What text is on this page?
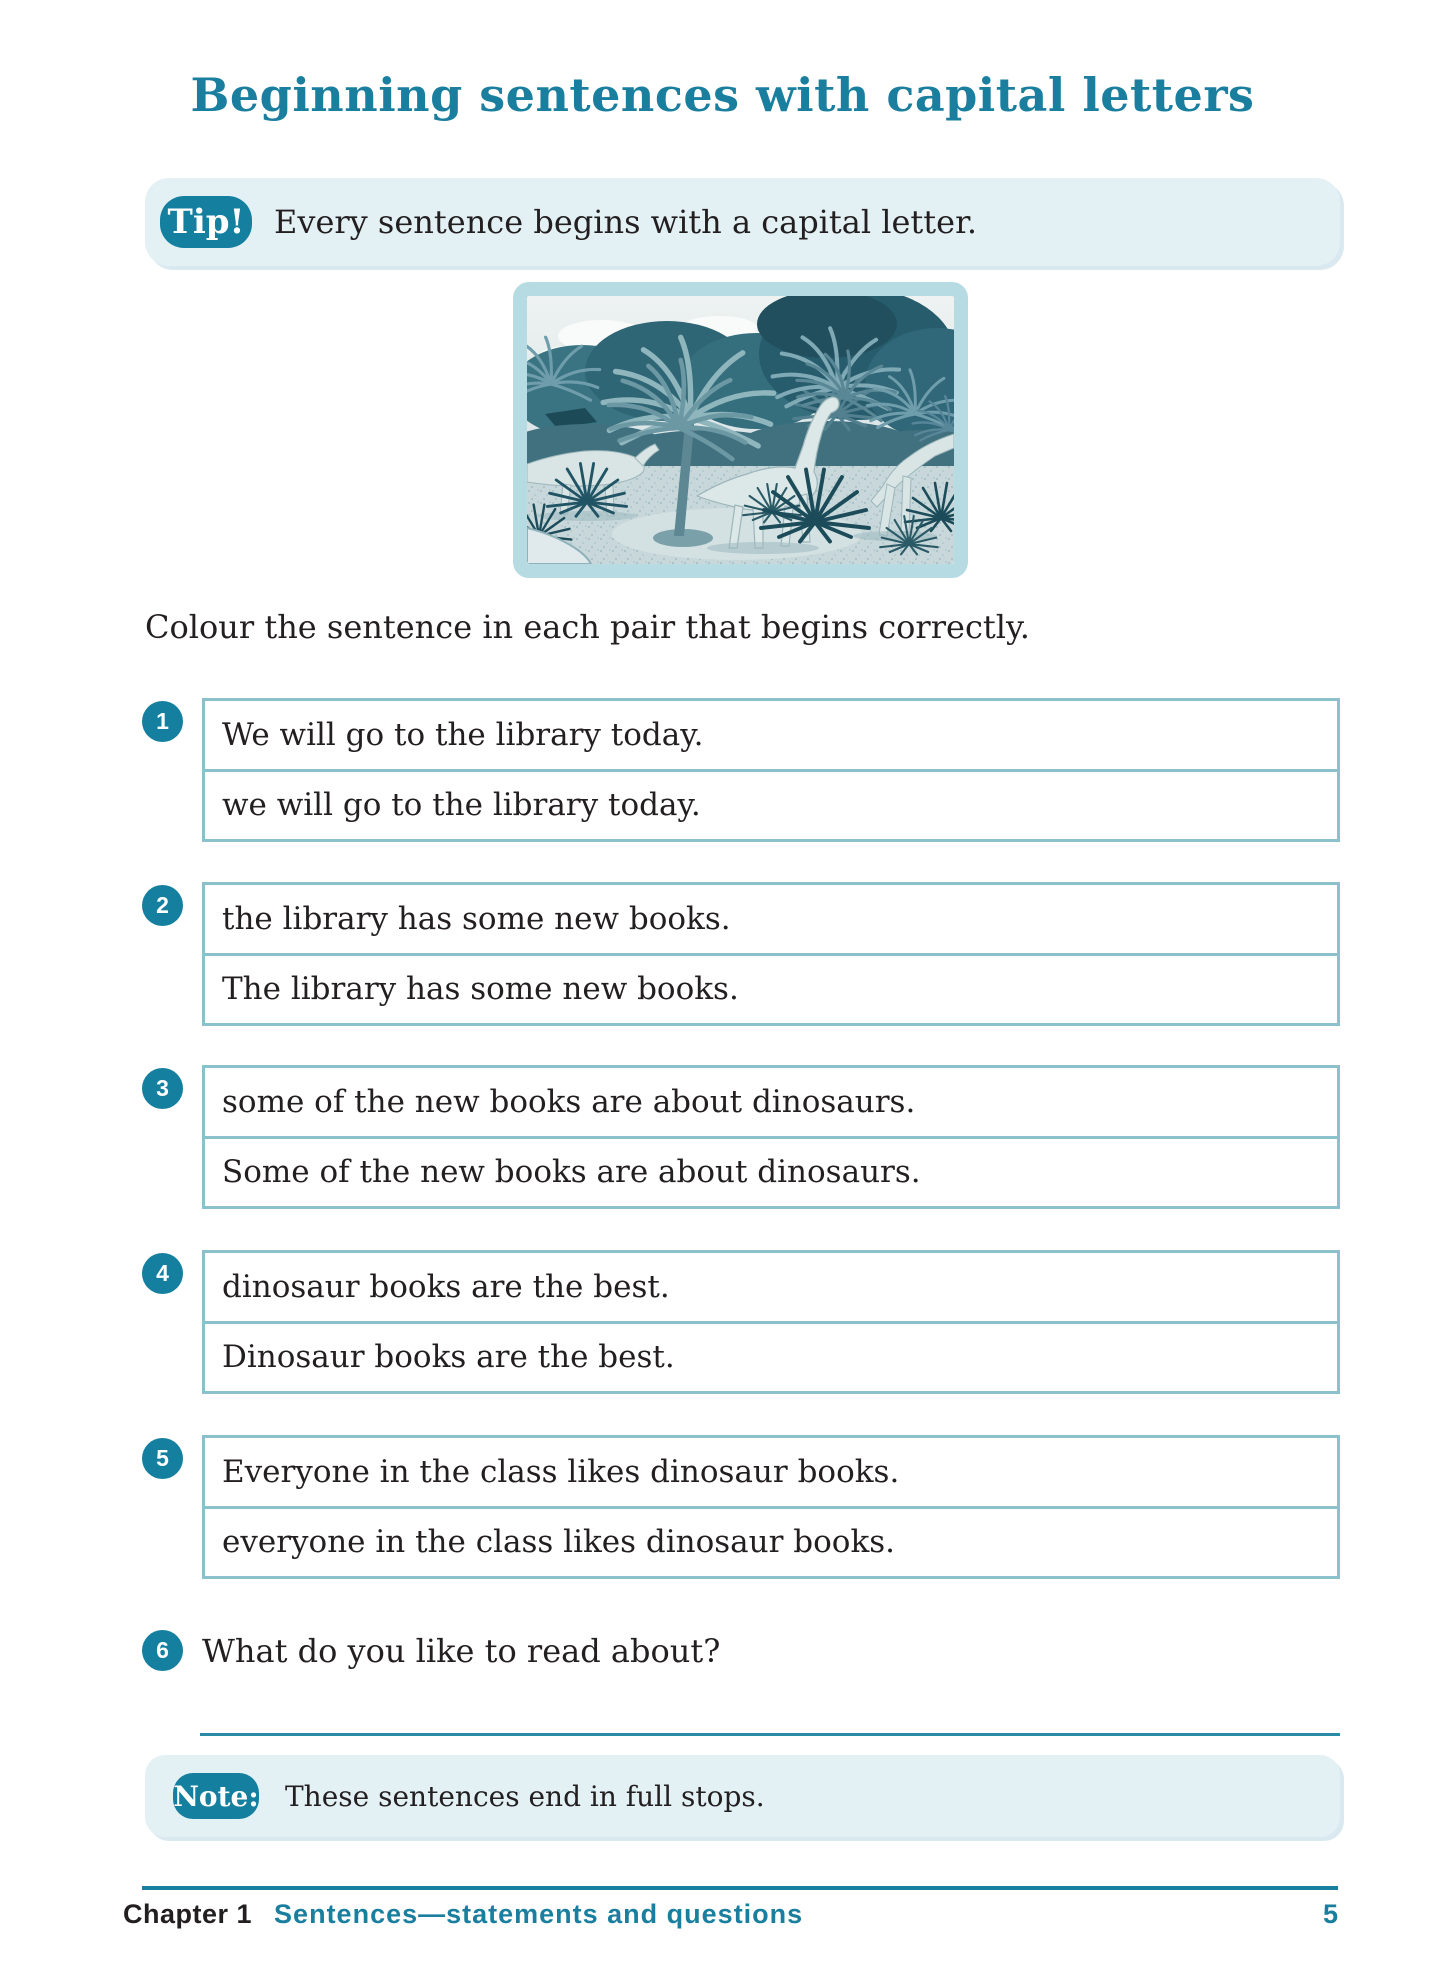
Beginning sentences with capital letters
Tip! Every sentence begins with a capital letter.

Colour the sentence in each pair that begins correctly.

1	We will go to the library today.
we will go to the library today.
2	the library has some new books.
The library has some new books.
3	some of the new books are about dinosaurs.
Some of the new books are about dinosaurs.
4	dinosaur books are the best.
Dinosaur books are the best.
5	Everyone in the class likes dinosaur books.
everyone in the class likes dinosaur books.
6	What do you like to read about?
Note: These sentences end in full stops.
Chapter 1 Sentences—statements and questions	5
